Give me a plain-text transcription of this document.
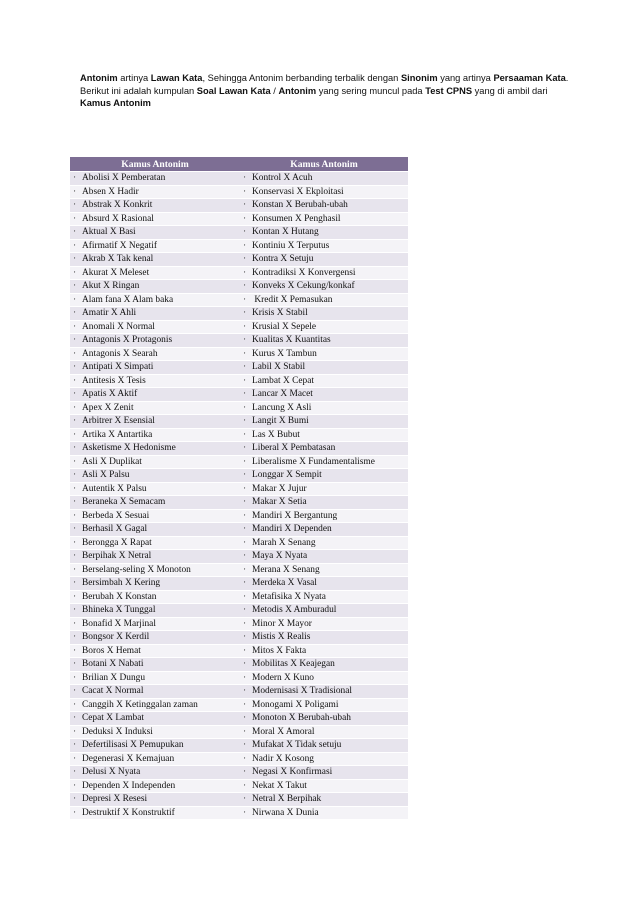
Antonim artinya Lawan Kata, Sehingga Antonim berbanding terbalik dengan Sinonim yang artinya Persaaman Kata.

Berikut ini adalah kumpulan Soal Lawan Kata / Antonim yang sering muncul pada Test CPNS yang di ambil dari Kamus Antonim

Kamus Antonim	Kamus Antonim
· Abolisi X Pemberatan	· Kontrol X Acuh
· Absen X Hadir	· Konservasi X Ekploitasi
· Abstrak X Konkrit	· Konstan X Berubah-ubah
· Absurd X Rasional	· Konsumen X Penghasil
· Aktual X Basi	· Kontan X Hutang
· Afirmatif X Negatif	· Kontiniu X Terputus
· Akrab X Tak kenal	· Kontra X Setuju
· Akurat X Meleset	· Kontradiksi X Konvergensi
· Akut X Ringan	· Konveks X Cekung/konkaf
· Alam fana X Alam baka	· Kredit X Pemasukan
· Amatir X Ahli	· Krisis X Stabil
· Anomali X Normal	· Krusial X Sepele
· Antagonis X Protagonis	· Kualitas X Kuantitas
· Antagonis X Searah	· Kurus X Tambun
· Antipati X Simpati	· Labil X Stabil
· Antitesis X Tesis	· Lambat X Cepat
· Apatis X Aktif	· Lancar X Macet
· Apex X Zenit	· Lancung X Asli
· Arbitrer X Esensial	· Langit X Bumi
· Artika X Antartika	· Las X Bubut
· Asketisme X Hedonisme	· Liberal X Pembatasan
· Asli X Duplikat	· Liberalisme X Fundamentalisme
· Asli X Palsu	· Longgar X Sempit
· Autentik X Palsu	· Makar X Jujur
· Beraneka X Semacam	· Makar X Setia
· Berbeda X Sesuai	· Mandiri X Bergantung
· Berhasil X Gagal	· Mandiri X Dependen
· Berongga X Rapat	· Marah X Senang
· Berpihak X Netral	· Maya X Nyata
· Berselang-seling X Monoton	· Merana X Senang
· Bersimbah X Kering	· Merdeka X Vasal
· Berubah X Konstan	· Metafisika X Nyata
· Bhineka X Tunggal	· Metodis X Amburadul
· Bonafid X Marjinal	· Minor X Mayor
· Bongsor X Kerdil	· Mistis X Realis
· Boros X Hemat	· Mitos X Fakta
· Botani X Nabati	· Mobilitas X Keajegan
· Brilian X Dungu	· Modern X Kuno
· Cacat X Normal	· Modernisasi X Tradisional
· Canggih X Ketinggalan zaman	· Monogami X Poligami
· Cepat X Lambat	· Monoton X Berubah-ubah
· Deduksi X Induksi	· Moral X Amoral
· Defertilisasi X Pemupukan	· Mufakat X Tidak setuju
· Degenerasi X Kemajuan	· Nadir X Kosong
· Delusi X Nyata	· Negasi X Konfirmasi
· Dependen X Independen	· Nekat X Takut
· Depresi X Resesi	· Netral X Berpihak
· Destruktif X Konstruktif	· Nirwana X Dunia
